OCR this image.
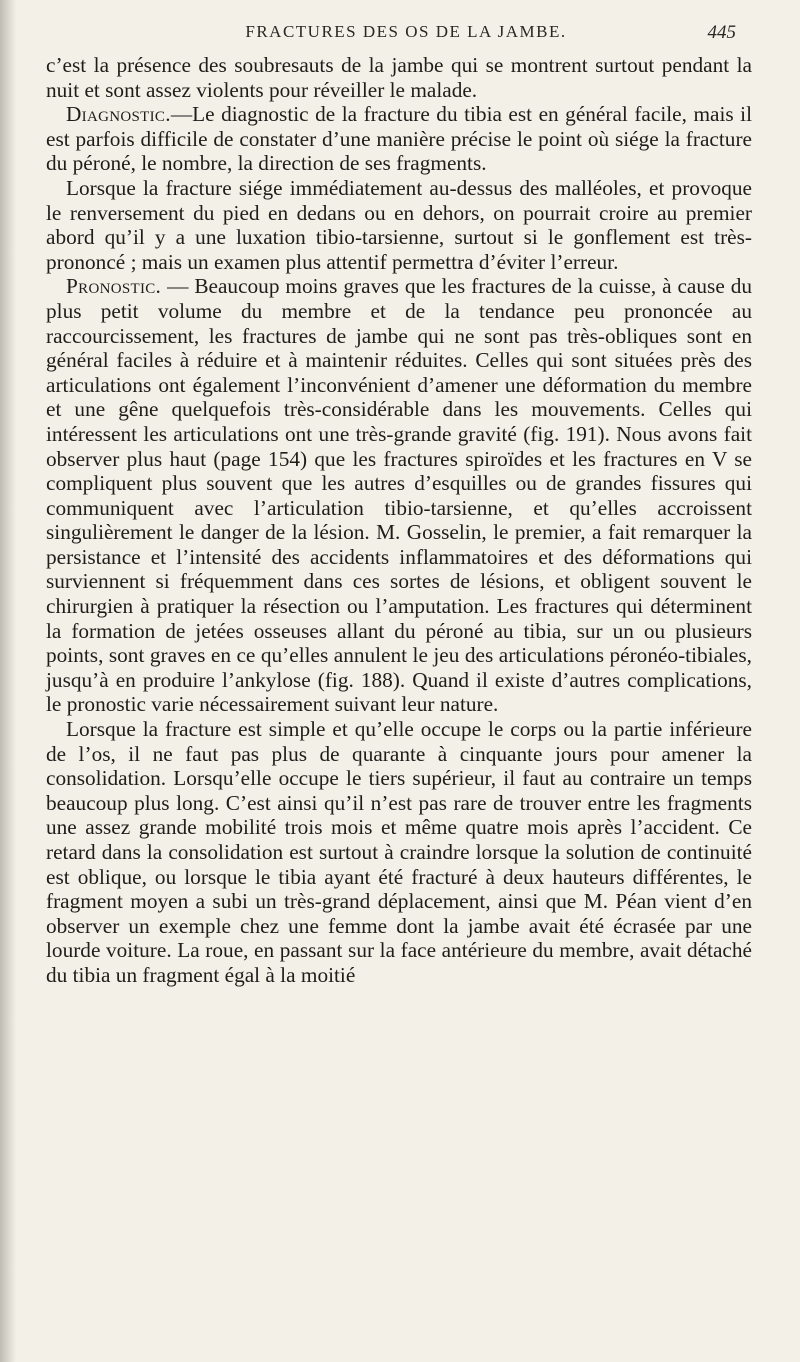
FRACTURES DES OS DE LA JAMBE.	445

c’est la présence des soubresauts de la jambe qui se montrent surtout pendant la nuit et sont assez violents pour réveiller le malade.

Diagnostic.—Le diagnostic de la fracture du tibia est en général facile, mais il est parfois difficile de constater d’une manière précise le point où siége la fracture du péroné, le nombre, la direction de ses fragments.

Lorsque la fracture siége immédiatement au-dessus des malléoles, et provoque le renversement du pied en dedans ou en dehors, on pourrait croire au premier abord qu’il y a une luxation tibio-tarsienne, surtout si le gonflement est très-prononcé ; mais un examen plus attentif permettra d’éviter l’erreur.

Pronostic. — Beaucoup moins graves que les fractures de la cuisse, à cause du plus petit volume du membre et de la tendance peu prononcée au raccourcissement, les fractures de jambe qui ne sont pas très-obliques sont en général faciles à réduire et à maintenir réduites. Celles qui sont situées près des articulations ont également l’inconvénient d’amener une déformation du membre et une gêne quelquefois très-considérable dans les mouvements. Celles qui intéressent les articulations ont une très-grande gravité (fig. 191). Nous avons fait observer plus haut (page 154) que les fractures spiroïdes et les fractures en V se compliquent plus souvent que les autres d’esquilles ou de grandes fissures qui communiquent avec l’articulation tibio-tarsienne, et qu’elles accroissent singulièrement le danger de la lésion. M. Gosselin, le premier, a fait remarquer la persistance et l’intensité des accidents inflammatoires et des déformations qui surviennent si fréquemment dans ces sortes de lésions, et obligent souvent le chirurgien à pratiquer la résection ou l’amputation. Les fractures qui déterminent la formation de jetées osseuses allant du péroné au tibia, sur un ou plusieurs points, sont graves en ce qu’elles annulent le jeu des articulations péronéo-tibiales, jusqu’à en produire l’ankylose (fig. 188). Quand il existe d’autres complications, le pronostic varie nécessairement suivant leur nature.

Lorsque la fracture est simple et qu’elle occupe le corps ou la partie inférieure de l’os, il ne faut pas plus de quarante à cinquante jours pour amener la consolidation. Lorsqu’elle occupe le tiers supérieur, il faut au contraire un temps beaucoup plus long. C’est ainsi qu’il n’est pas rare de trouver entre les fragments une assez grande mobilité trois mois et même quatre mois après l’accident. Ce retard dans la consolidation est surtout à craindre lorsque la solution de continuité est oblique, ou lorsque le tibia ayant été fracturé à deux hauteurs différentes, le fragment moyen a subi un très-grand déplacement, ainsi que M. Péan vient d’en observer un exemple chez une femme dont la jambe avait été écrasée par une lourde voiture. La roue, en passant sur la face antérieure du membre, avait détaché du tibia un fragment égal à la moitié
